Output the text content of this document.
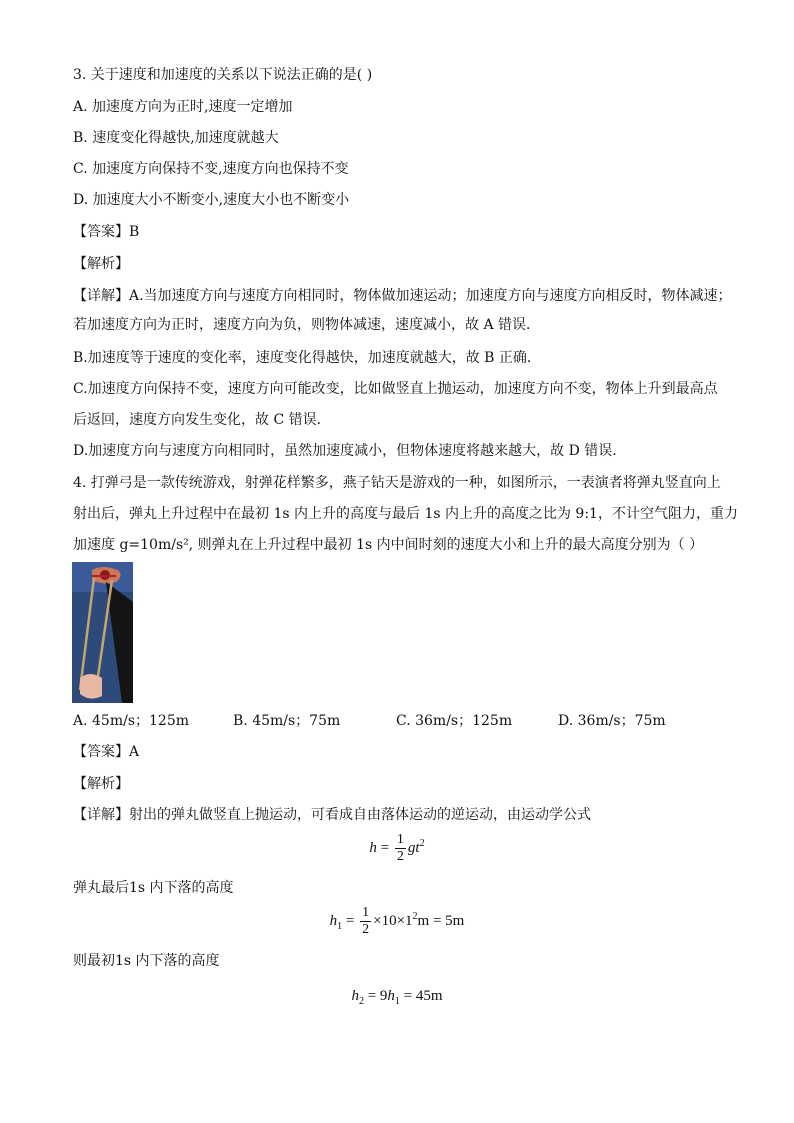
3. 关于速度和加速度的关系以下说法正确的是( )
A. 加速度方向为正时,速度一定增加
B. 速度变化得越快,加速度就越大
C. 加速度方向保持不变,速度方向也保持不变
D. 加速度大小不断变小,速度大小也不断变小
【答案】B
【解析】
【详解】A.当加速度方向与速度方向相同时，物体做加速运动；加速度方向与速度方向相反时，物体减速；
若加速度方向为正时，速度方向为负，则物体减速，速度减小，故 A 错误．
B.加速度等于速度的变化率，速度变化得越快，加速度就越大，故 B 正确．
C.加速度方向保持不变，速度方向可能改变，比如做竖直上抛运动，加速度方向不变，物体上升到最高点
后返回，速度方向发生变化，故 C 错误．
D.加速度方向与速度方向相同时，虽然加速度减小，但物体速度将越来越大，故 D 错误．
4. 打弹弓是一款传统游戏，射弹花样繁多，燕子钻天是游戏的一种，如图所示，一表演者将弹丸竖直向上
射出后，弹丸上升过程中在最初 1s 内上升的高度与最后 1s 内上升的高度之比为 9:1，不计空气阻力，重力
加速度 g=10m/s², 则弹丸在上升过程中最初 1s 内中间时刻的速度大小和上升的最大高度分别为（ ）
A. 45m/s；125m	B. 45m/s；75m	C. 36m/s；125m	D. 36m/s；75m
【答案】A
【解析】
【详解】射出的弹丸做竖直上抛运动，可看成自由落体运动的逆运动，由运动学公式
$h = \frac{1}{2} gt^2$
弹丸最后1s 内下落的高度
$h_1 = \frac{1}{2} \times 10\times 1^2m = 5m$
则最初1s 内下落的高度
$h_2 = 9h_1 = 45m$
